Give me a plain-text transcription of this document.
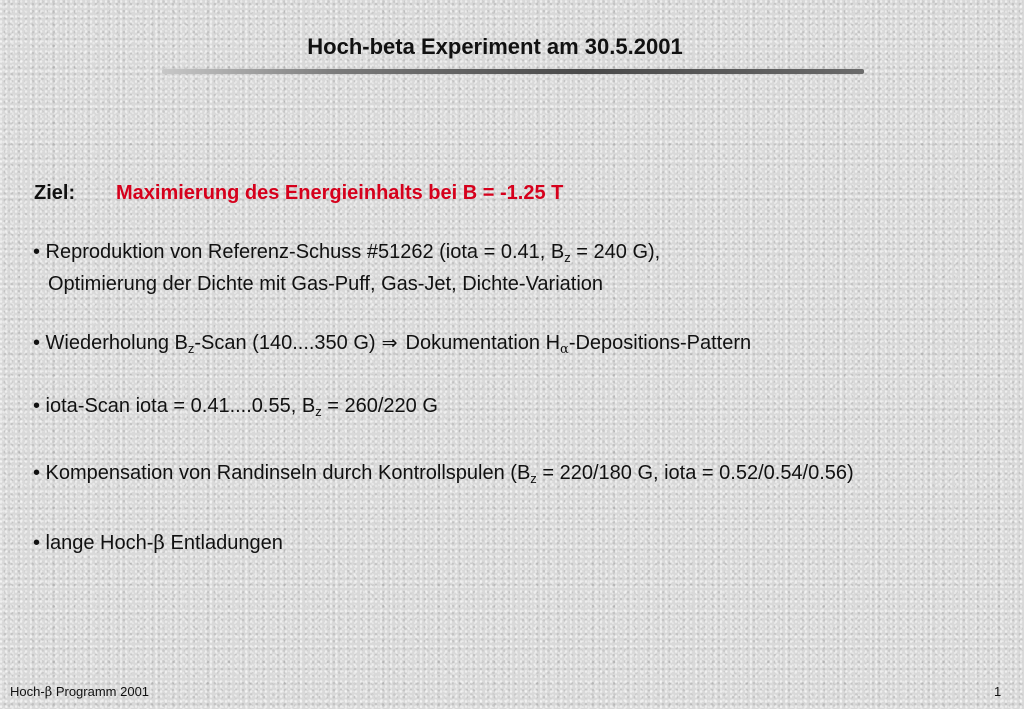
Hoch-beta Experiment am 30.5.2001
Ziel: Maximierung des Energieinhalts bei B = -1.25 T
• Reproduktion von Referenz-Schuss #51262 (iota = 0.41, $B_z = 240$ G),
Optimierung der Dichte mit Gas-Puff, Gas-Jet, Dichte-Variation
• Wiederholung $B_z$-Scan (140....350 G) ⇒ Dokumentation $H_\alpha-Depositions$-Pattern
• iota-Scan iota = 0.41....0.55, $B_z = 260/220$ G
• Kompensation von Randinseln durch Kontrollspulen ($B_z = 220/180$ G, iota = 0.52/0.54/0.56)
• lange Hoch-β Entladungen
Hoch-β Programm 2001	1
